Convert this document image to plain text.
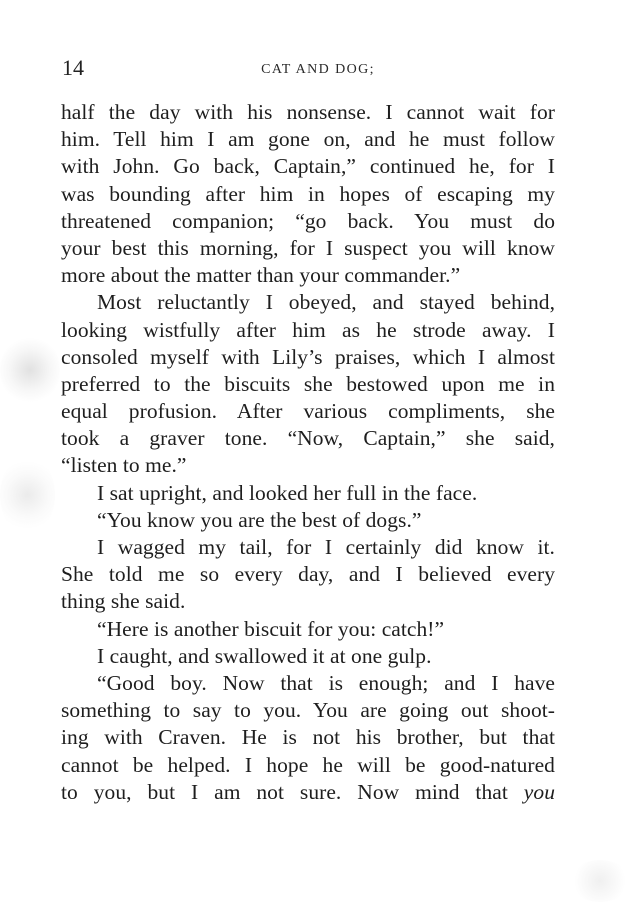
14	CAT AND DOG;
half the day with his nonsense. I cannot wait for
him. Tell him I am gone on, and he must follow
with John. Go back, Captain,” continued he, for I
was bounding after him in hopes of escaping my
threatened companion; “go back. You must do
your best this morning, for I suspect you will know
more about the matter than your commander.”
Most reluctantly I obeyed, and stayed behind,
looking wistfully after him as he strode away. I
consoled myself with Lily’s praises, which I almost
preferred to the biscuits she bestowed upon me in
equal profusion. After various compliments, she
took a graver tone. “Now, Captain,” she said,
“listen to me.”
I sat upright, and looked her full in the face.
“You know you are the best of dogs.”
I wagged my tail, for I certainly did know it.
She told me so every day, and I believed every
thing she said.
“Here is another biscuit for you: catch!”
I caught, and swallowed it at one gulp.
“Good boy. Now that is enough; and I have
something to say to you. You are going out shoot-
ing with Craven. He is not his brother, but that
cannot be helped. I hope he will be good-natured
to you, but I am not sure. Now mind that you
